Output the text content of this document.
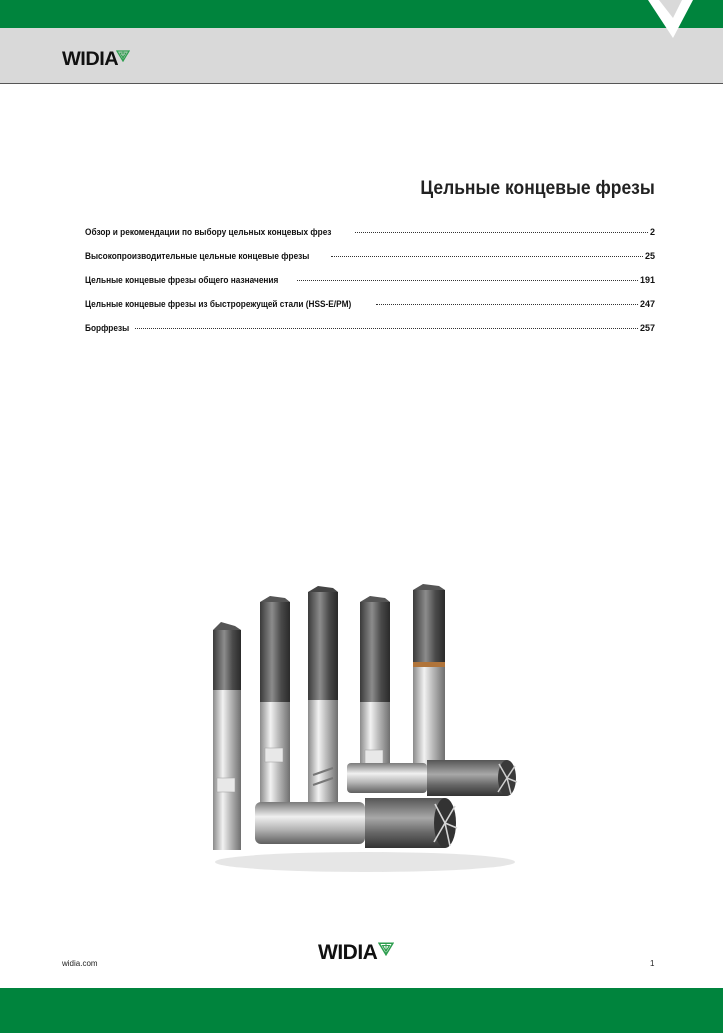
WIDIA
Цельные концевые фрезы
Обзор и рекомендации по выбору цельных концевых фрез	2
Высокопроизводительные цельные концевые фрезы	25
Цельные концевые фрезы общего назначения	191
Цельные концевые фрезы из быстрорежущей стали (HSS-E/PM)	247
Борфрезы	257
widia.com	WIDIA	1
